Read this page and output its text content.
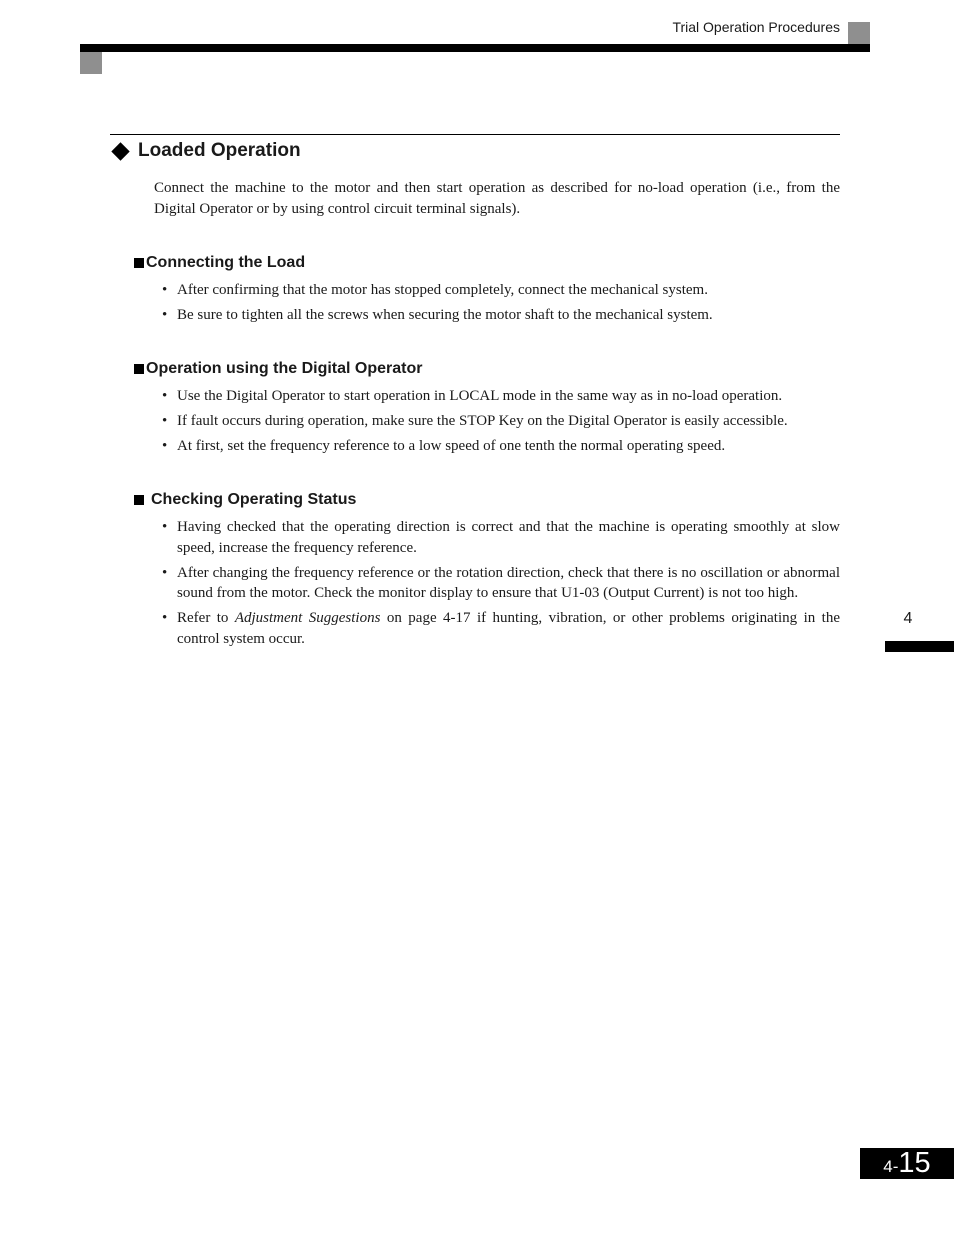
Trial Operation Procedures
Loaded Operation
Connect the machine to the motor and then start operation as described for no-load operation (i.e., from the Digital Operator or by using control circuit terminal signals).
Connecting the Load
• After confirming that the motor has stopped completely, connect the mechanical system.
• Be sure to tighten all the screws when securing the motor shaft to the mechanical system.
Operation using the Digital Operator
• Use the Digital Operator to start operation in LOCAL mode in the same way as in no-load operation.
• If fault occurs during operation, make sure the STOP Key on the Digital Operator is easily accessible.
• At first, set the frequency reference to a low speed of one tenth the normal operating speed.
Checking Operating Status
• Having checked that the operating direction is correct and that the machine is operating smoothly at slow speed, increase the frequency reference.
• After changing the frequency reference or the rotation direction, check that there is no oscillation or abnormal sound from the motor. Check the monitor display to ensure that U1-03 (Output Current) is not too high.
• Refer to Adjustment Suggestions on page 4-17 if hunting, vibration, or other problems originating in the control system occur.
4
4- 15
